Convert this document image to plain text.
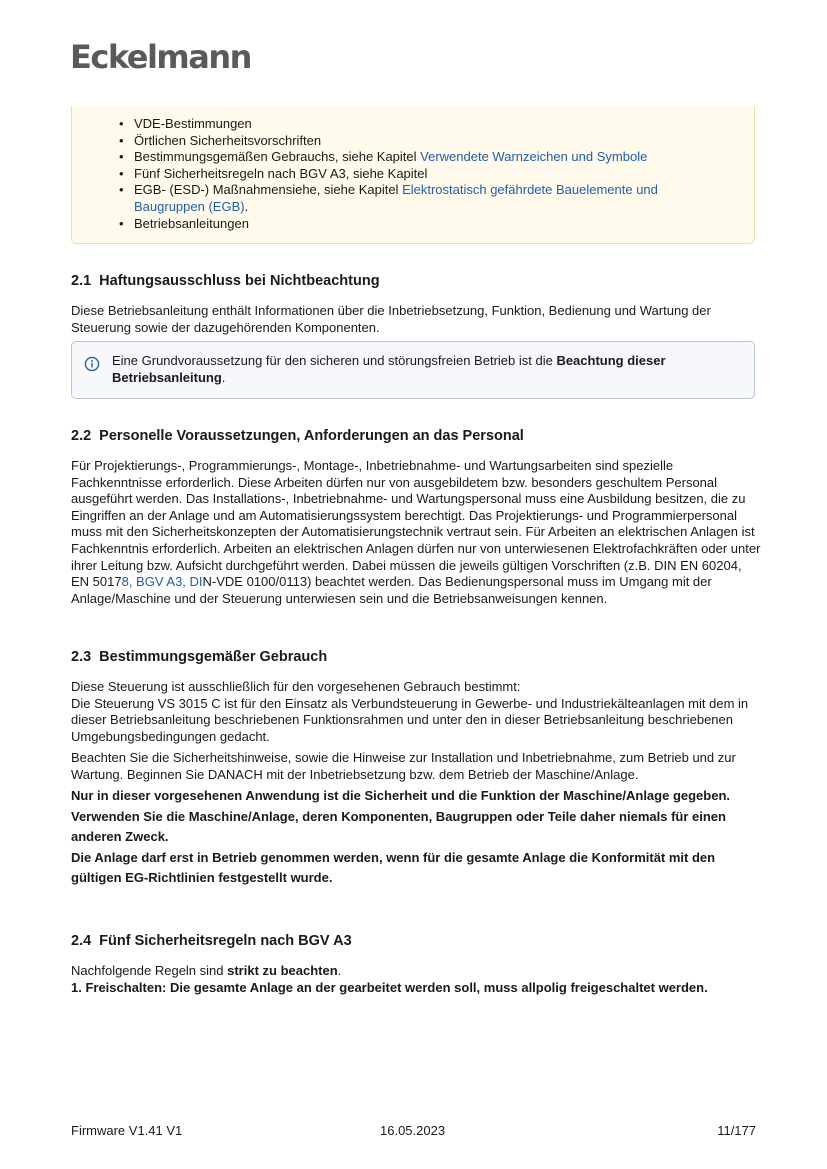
Eckelmann
• VDE-Bestimmungen
• Örtlichen Sicherheitsvorschriften
• Bestimmungsgemäßen Gebrauchs, siehe Kapitel Verwendete Warnzeichen und Symbole
• Fünf Sicherheitsregeln nach BGV A3, siehe Kapitel
• EGB- (ESD-) Maßnahmensiehe, siehe Kapitel Elektrostatisch gefährdete Bauelemente und Baugruppen (EGB).
• Betriebsanleitungen
2.1 Haftungsausschluss bei Nichtbeachtung

Diese Betriebsanleitung enthält Informationen über die Inbetriebsetzung, Funktion, Bedienung und Wartung der Steuerung sowie der dazugehörenden Komponenten.

Eine Grundvoraussetzung für den sicheren und störungsfreien Betrieb ist die Beachtung dieser Betriebsanleitung.
2.2 Personelle Voraussetzungen, Anforderungen an das Personal

Für Projektierungs-, Programmierungs-, Montage-, Inbetriebnahme- und Wartungsarbeiten sind spezielle Fachkenntnisse erforderlich. Diese Arbeiten dürfen nur von ausgebildetem bzw. besonders geschultem Personal ausgeführt werden. Das Installations-, Inbetriebnahme- und Wartungspersonal muss eine Ausbildung besitzen, die zu Eingriffen an der Anlage und am Automatisierungssystem berechtigt. Das Projektierungs- und Programmierpersonal muss mit den Sicherheitskonzepten der Automatisierungstechnik vertraut sein. Für Arbeiten an elektrischen Anlagen ist Fachkenntnis erforderlich. Arbeiten an elektrischen Anlagen dürfen nur von unterwiesenen Elektrofachkräften oder unter ihrer Leitung bzw. Aufsicht durchgeführt werden. Dabei müssen die jeweils gültigen Vorschriften (z.B. DIN EN 60204, EN 50178, BGV A3, DIN-VDE 0100/0113) beachtet werden. Das Bedienungspersonal muss im Umgang mit der Anlage/Maschine und der Steuerung unterwiesen sein und die Betriebsanweisungen kennen.

2.3 Bestimmungsgemäßer Gebrauch

Diese Steuerung ist ausschließlich für den vorgesehenen Gebrauch bestimmt:

Die Steuerung VS 3015 C ist für den Einsatz als Verbundsteuerung in Gewerbe- und Industriekälteanlagen mit dem in dieser Betriebsanleitung beschriebenen Funktionsrahmen und unter den in dieser Betriebsanleitung beschriebenen Umgebungsbedingungen gedacht.

Beachten Sie die Sicherheitshinweise, sowie die Hinweise zur Installation und Inbetriebnahme, zum Betrieb und zur Wartung. Beginnen Sie DANACH mit der Inbetriebsetzung bzw. dem Betrieb der Maschine/Anlage.

Nur in dieser vorgesehenen Anwendung ist die Sicherheit und die Funktion der Maschine/Anlage gegeben.

Verwenden Sie die Maschine/Anlage, deren Komponenten, Baugruppen oder Teile daher niemals für einen anderen Zweck.

Die Anlage darf erst in Betrieb genommen werden, wenn für die gesamte Anlage die Konformität mit den gültigen EG-Richtlinien festgestellt wurde.

2.4 Fünf Sicherheitsregeln nach BGV A3

Nachfolgende Regeln sind strikt zu beachten.

1. Freischalten: Die gesamte Anlage an der gearbeitet werden soll, muss allpolig freigeschaltet werden.

Firmware V1.41 V1	16.05.2023	11/177
